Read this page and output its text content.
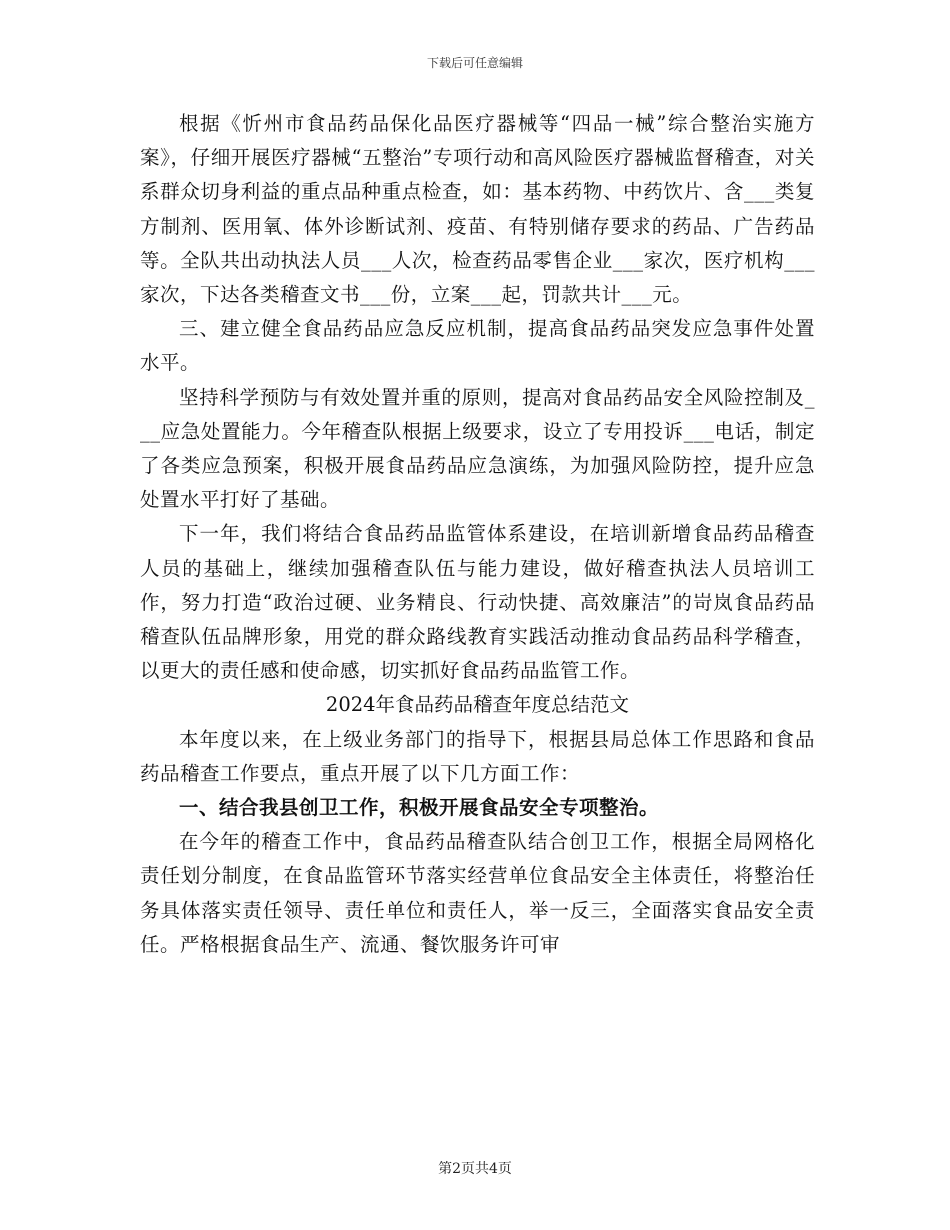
下载后可任意编辑

根据《忻州市食品药品保化品医疗器械等“四品一械”综合整治实施方案》，仔细开展医疗器械“五整治”专项行动和高风险医疗器械监督稽查，对关系群众切身利益的重点品种重点检查，如：基本药物、中药饮片、含___类复方制剂、医用氧、体外诊断试剂、疫苗、有特别储存要求的药品、广告药品等。全队共出动执法人员___人次，检查药品零售企业___家次，医疗机构___家次，下达各类稽查文书___份，立案___起，罚款共计___元。

三、建立健全食品药品应急反应机制，提高食品药品突发应急事件处置水平。

坚持科学预防与有效处置并重的原则，提高对食品药品安全风险控制及___应急处置能力。今年稽查队根据上级要求，设立了专用投诉___电话，制定了各类应急预案，积极开展食品药品应急演练，为加强风险防控，提升应急处置水平打好了基础。

下一年，我们将结合食品药品监管体系建设，在培训新增食品药品稽查人员的基础上，继续加强稽查队伍与能力建设，做好稽查执法人员培训工作，努力打造“政治过硬、业务精良、行动快捷、高效廉洁”的岢岚食品药品稽查队伍品牌形象，用党的群众路线教育实践活动推动食品药品科学稽查，以更大的责任感和使命感，切实抓好食品药品监管工作。

2024年食品药品稽查年度总结范文

本年度以来，在上级业务部门的指导下，根据县局总体工作思路和食品药品稽查工作要点，重点开展了以下几方面工作：

一、结合我县创卫工作，积极开展食品安全专项整治。

在今年的稽查工作中，食品药品稽查队结合创卫工作，根据全局网格化责任划分制度，在食品监管环节落实经营单位食品安全主体责任，将整治任务具体落实责任领导、责任单位和责任人，举一反三，全面落实食品安全责任。严格根据食品生产、流通、餐饮服务许可审

第2页共4页
